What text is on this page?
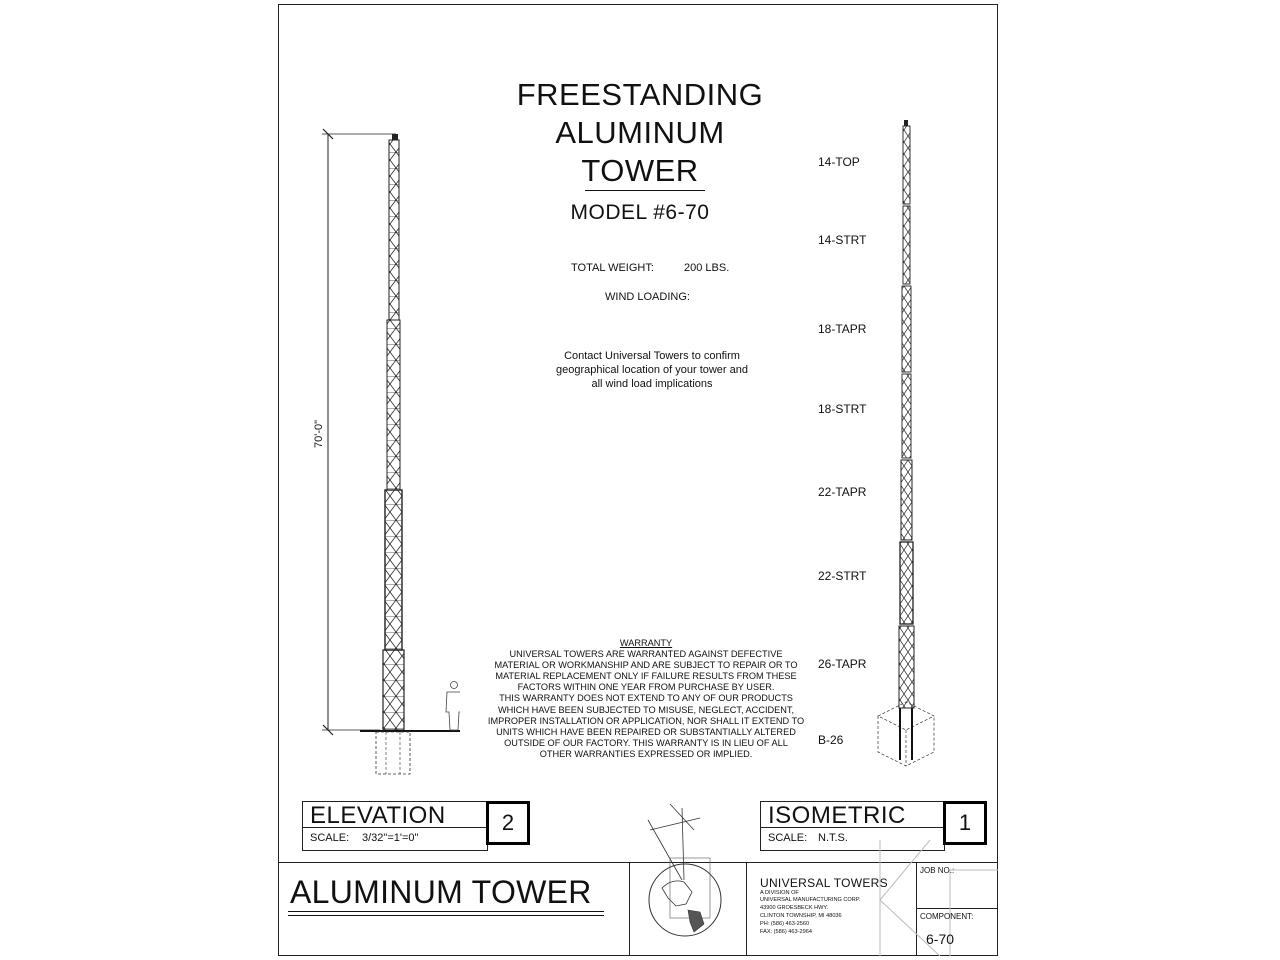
FREESTANDING
ALUMINUM
TOWER
MODEL #6-70
TOTAL WEIGHT:	200 LBS.
WIND LOADING:
Contact Universal Towers to confirm
geographical location of your tower and
all wind load implications
70'-0"
14-TOP
14-STRT
18-TAPR
18-STRT
22-TAPR
22-STRT
26-TAPR
B-26
WARRANTY
UNIVERSAL TOWERS ARE WARRANTED AGAINST DEFECTIVE
MATERIAL OR WORKMANSHIP AND ARE SUBJECT TO REPAIR OR TO
MATERIAL REPLACEMENT ONLY IF FAILURE RESULTS FROM THESE
FACTORS WITHIN ONE YEAR FROM PURCHASE BY USER.
THIS WARRANTY DOES NOT EXTEND TO ANY OF OUR PRODUCTS
WHICH HAVE BEEN SUBJECTED TO MISUSE, NEGLECT, ACCIDENT,
IMPROPER INSTALLATION OR APPLICATION, NOR SHALL IT EXTEND TO
UNITS WHICH HAVE BEEN REPAIRED OR SUBSTANTIALLY ALTERED
OUTSIDE OF OUR FACTORY. THIS WARRANTY IS IN LIEU OF ALL
OTHER WARRANTIES EXPRESSED OR IMPLIED.
ELEVATION
SCALE: 3/32"=1'=0"
2	ISOMETRIC
SCALE: N.T.S.
1
ALUMINUM TOWER	UNIVERSAL TOWERS
A DIVISION OF
UNIVERSAL MANUFACTURING CORP.
43900 GROESBECK HWY.
CLINTON TOWNSHIP, MI 48036
PH: (586) 463-2560
FAX: (586) 463-2964
JOB NO.:
COMPONENT:
6-70
